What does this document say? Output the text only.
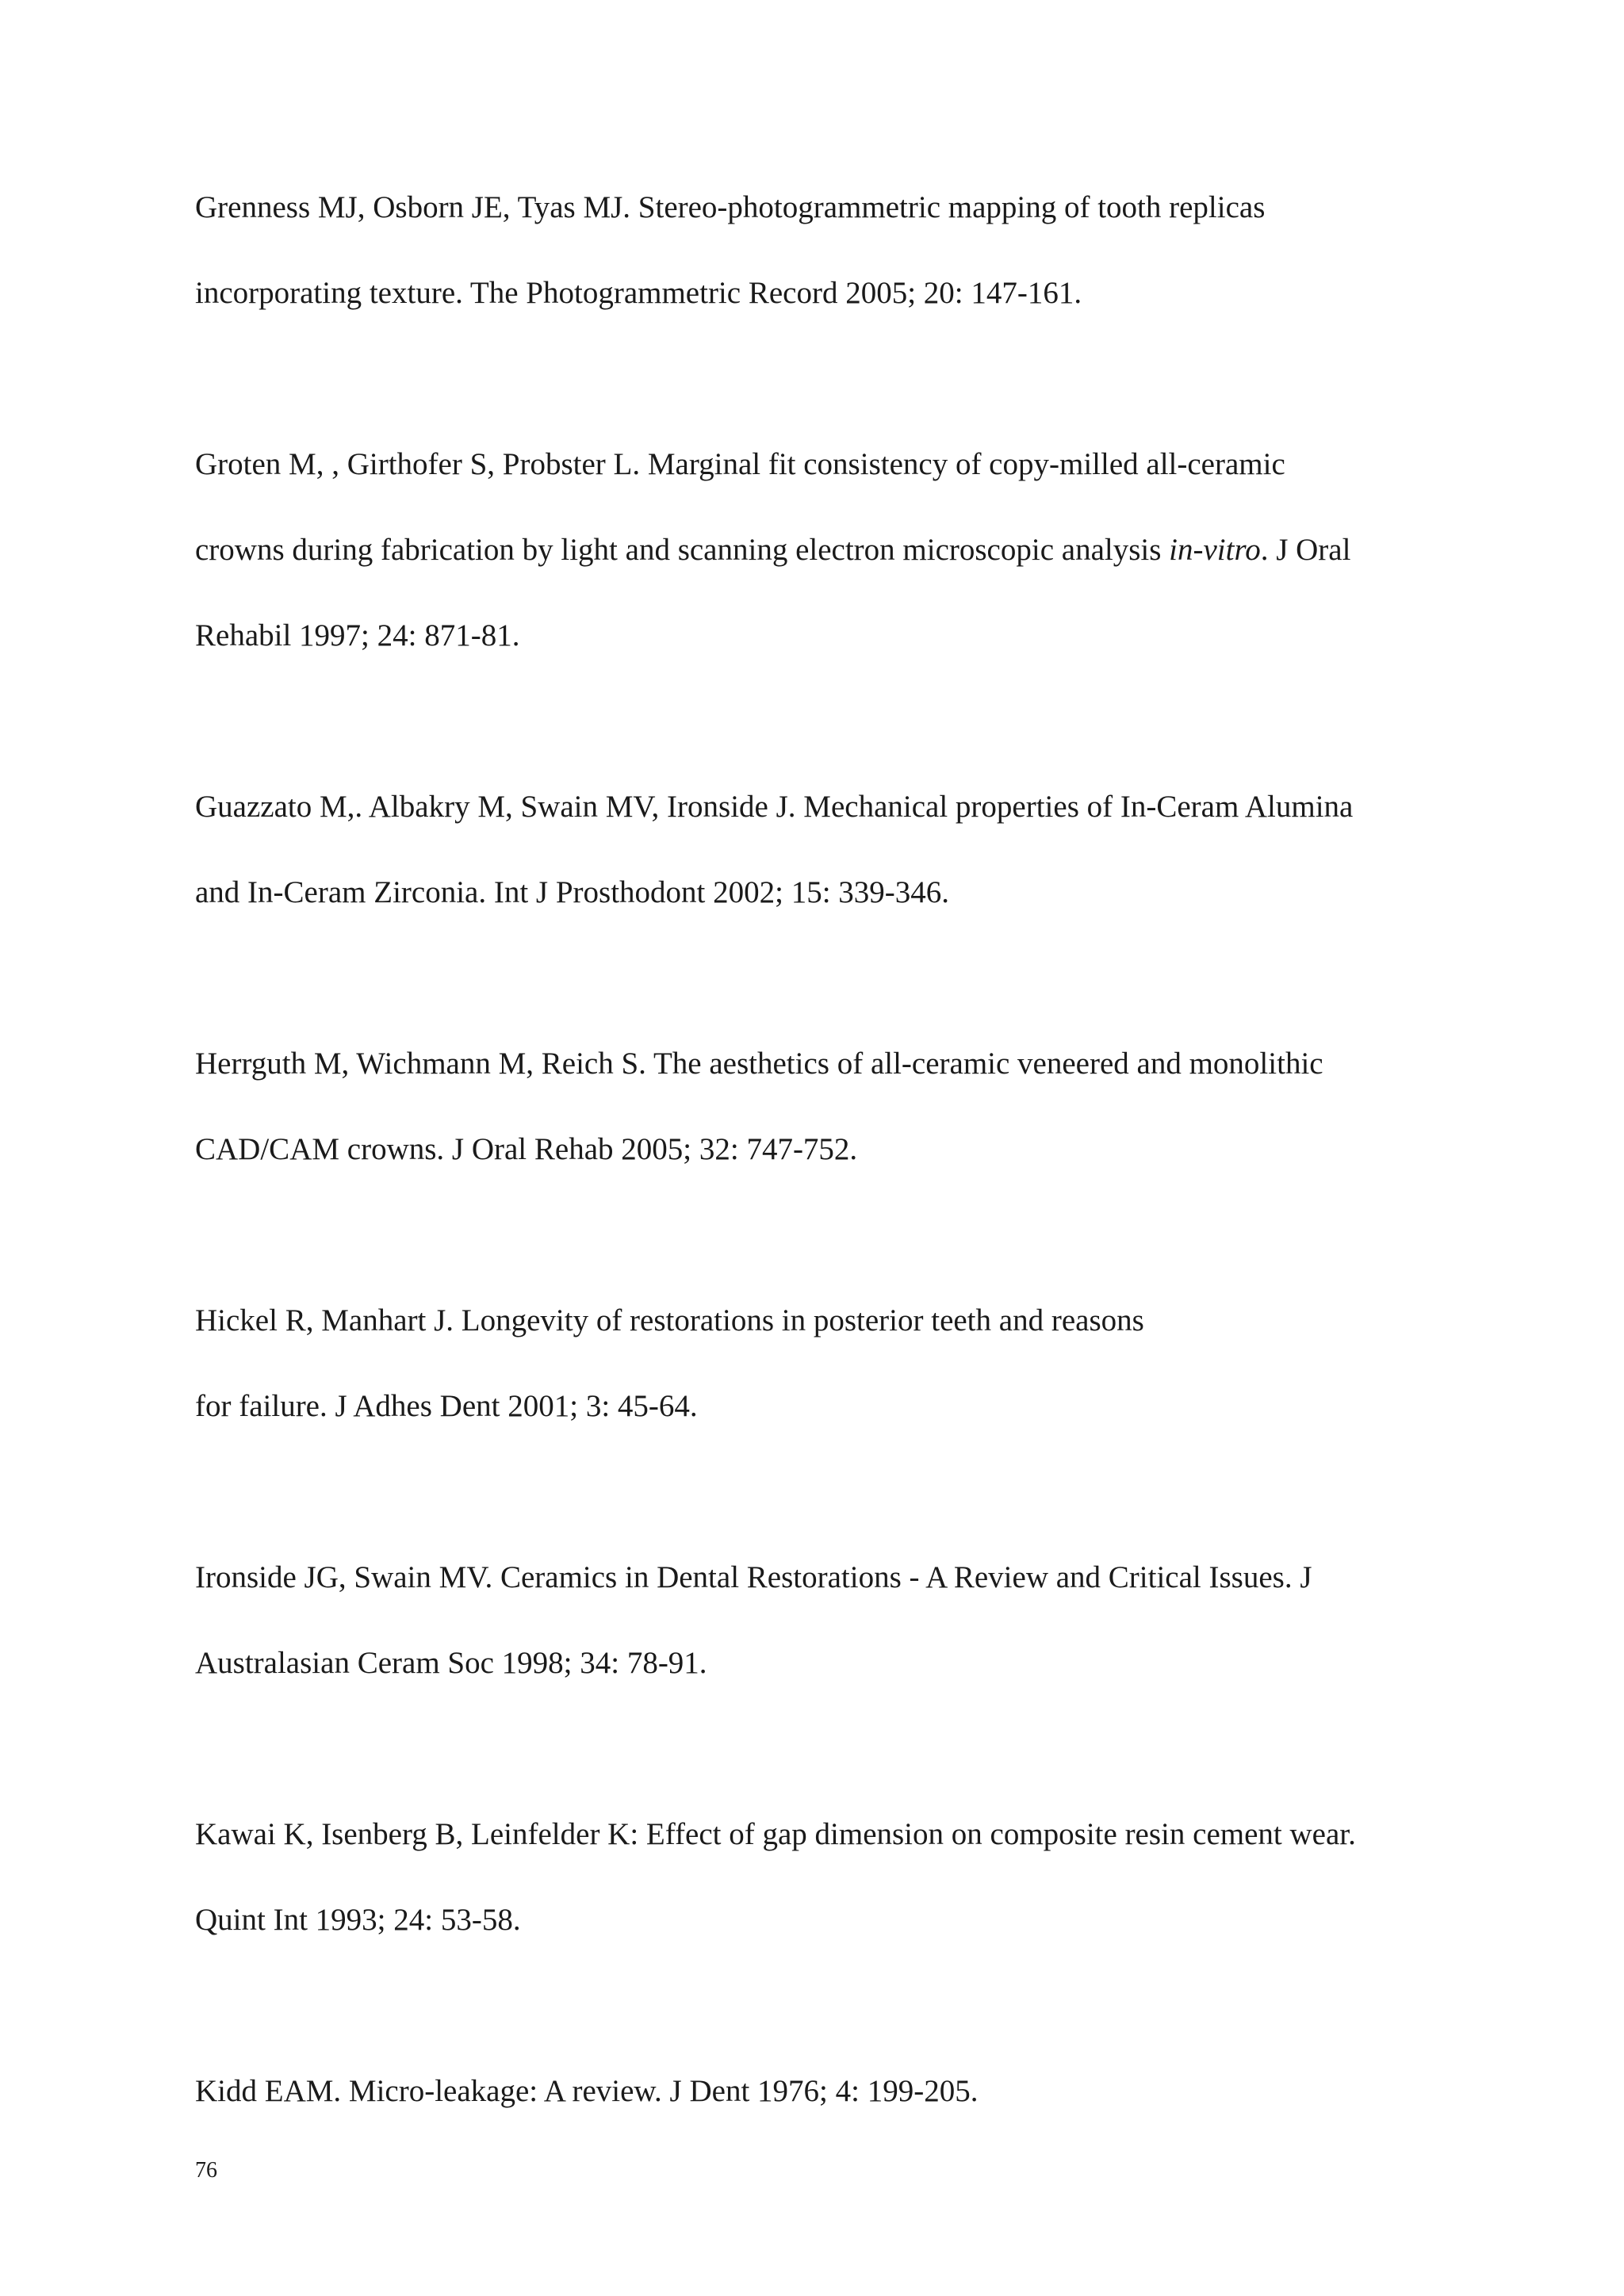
Grenness MJ, Osborn JE, Tyas MJ. Stereo-photogrammetric mapping of tooth replicas
incorporating texture. The Photogrammetric Record 2005; 20: 147-161.

Groten M, , Girthofer S, Probster L. Marginal fit consistency of copy-milled all-ceramic
crowns during fabrication by light and scanning electron microscopic analysis in-vitro. J Oral
Rehabil 1997; 24: 871-81.

Guazzato M,. Albakry M, Swain MV, Ironside J. Mechanical properties of In-Ceram Alumina
and In-Ceram Zirconia. Int J Prosthodont 2002; 15: 339-346.

Herrguth M, Wichmann M, Reich S. The aesthetics of all-ceramic veneered and monolithic
CAD/CAM crowns. J Oral Rehab 2005; 32: 747-752.

Hickel R, Manhart J. Longevity of restorations in posterior teeth and reasons
for failure. J Adhes Dent 2001; 3: 45-64.

Ironside JG, Swain MV. Ceramics in Dental Restorations - A Review and Critical Issues. J
Australasian Ceram Soc 1998; 34: 78-91.

Kawai K, Isenberg B, Leinfelder K: Effect of gap dimension on composite resin cement wear.
Quint Int 1993; 24: 53-58.

Kidd EAM. Micro-leakage: A review. J Dent 1976; 4: 199-205.

76
